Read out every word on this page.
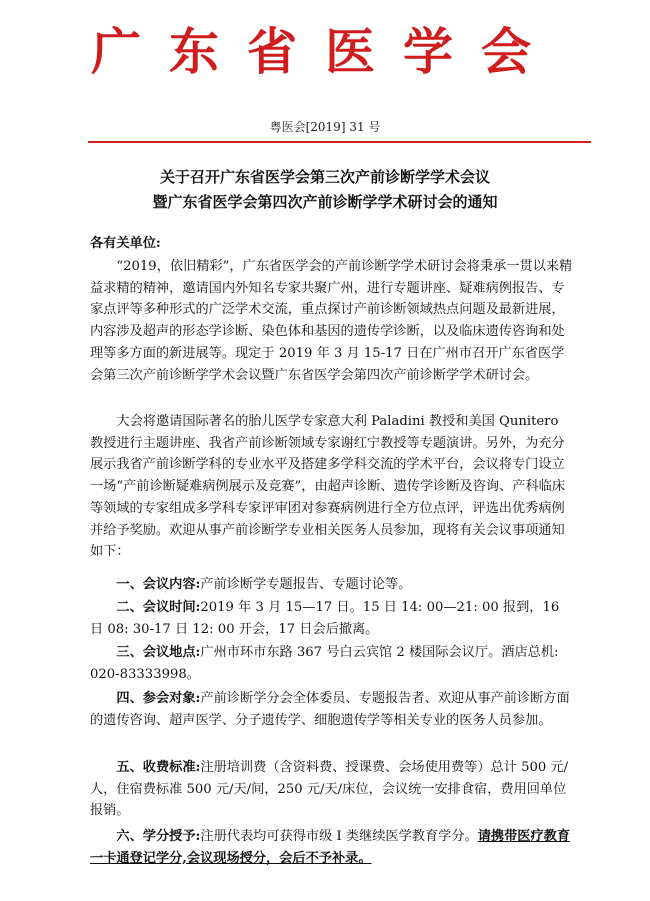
广东省医学会
粤医会[2019] 31 号
关于召开广东省医学会第三次产前诊断学学术会议
暨广东省医学会第四次产前诊断学学术研讨会的通知
各有关单位:
“2019，依旧精彩”，广东省医学会的产前诊断学学术研讨会将秉承一贯以来精益求精的精神，邀请国内外知名专家共聚广州，进行专题讲座、疑难病例报告、专家点评等多种形式的广泛学术交流，重点探讨产前诊断领域热点问题及最新进展，内容涉及超声的形态学诊断、染色体和基因的遗传学诊断，以及临床遗传咨询和处理等多方面的新进展等。现定于 2019 年 3 月 15-17 日在广州市召开广东省医学会第三次产前诊断学学术会议暨广东省医学会第四次产前诊断学学术研讨会。
大会将邀请国际著名的胎儿医学专家意大利 Paladini 教授和美国 Qunitero 教授进行主题讲座、我省产前诊断领域专家谢红宁教授等专题演讲。另外，为充分展示我省产前诊断学科的专业水平及搭建多学科交流的学术平台，会议将专门设立一场“产前诊断疑难病例展示及竞赛”，由超声诊断、遗传学诊断及咨询、产科临床等领域的专家组成多学科专家评审团对参赛病例进行全方位点评，评选出优秀病例并给予奖励。欢迎从事产前诊断学专业相关医务人员参加，现将有关会议事项通知如下：
一、会议内容:产前诊断学专题报告、专题讨论等。
二、会议时间:2019 年 3 月 15—17 日。15 日 14: 00—21: 00 报到，16 日 08: 30-17 日 12: 00 开会，17 日会后撤离。
三、会议地点:广州市环市东路 367 号白云宾馆 2 楼国际会议厅。酒店总机: 020-83333998。
四、参会对象:产前诊断学分会全体委员、专题报告者、欢迎从事产前诊断方面的遗传咨询、超声医学、分子遗传学、细胞遗传学等相关专业的医务人员参加。
五、收费标准:注册培训费（含资料费、授课费、会场使用费等）总计 500 元/人，住宿费标准 500 元/天/间，250 元/天/床位，会议统一安排食宿，费用回单位报销。
六、学分授予:注册代表均可获得市级 I 类继续医学教育学分。请携带医疗教育一卡通登记学分,会议现场授分，会后不予补录。
